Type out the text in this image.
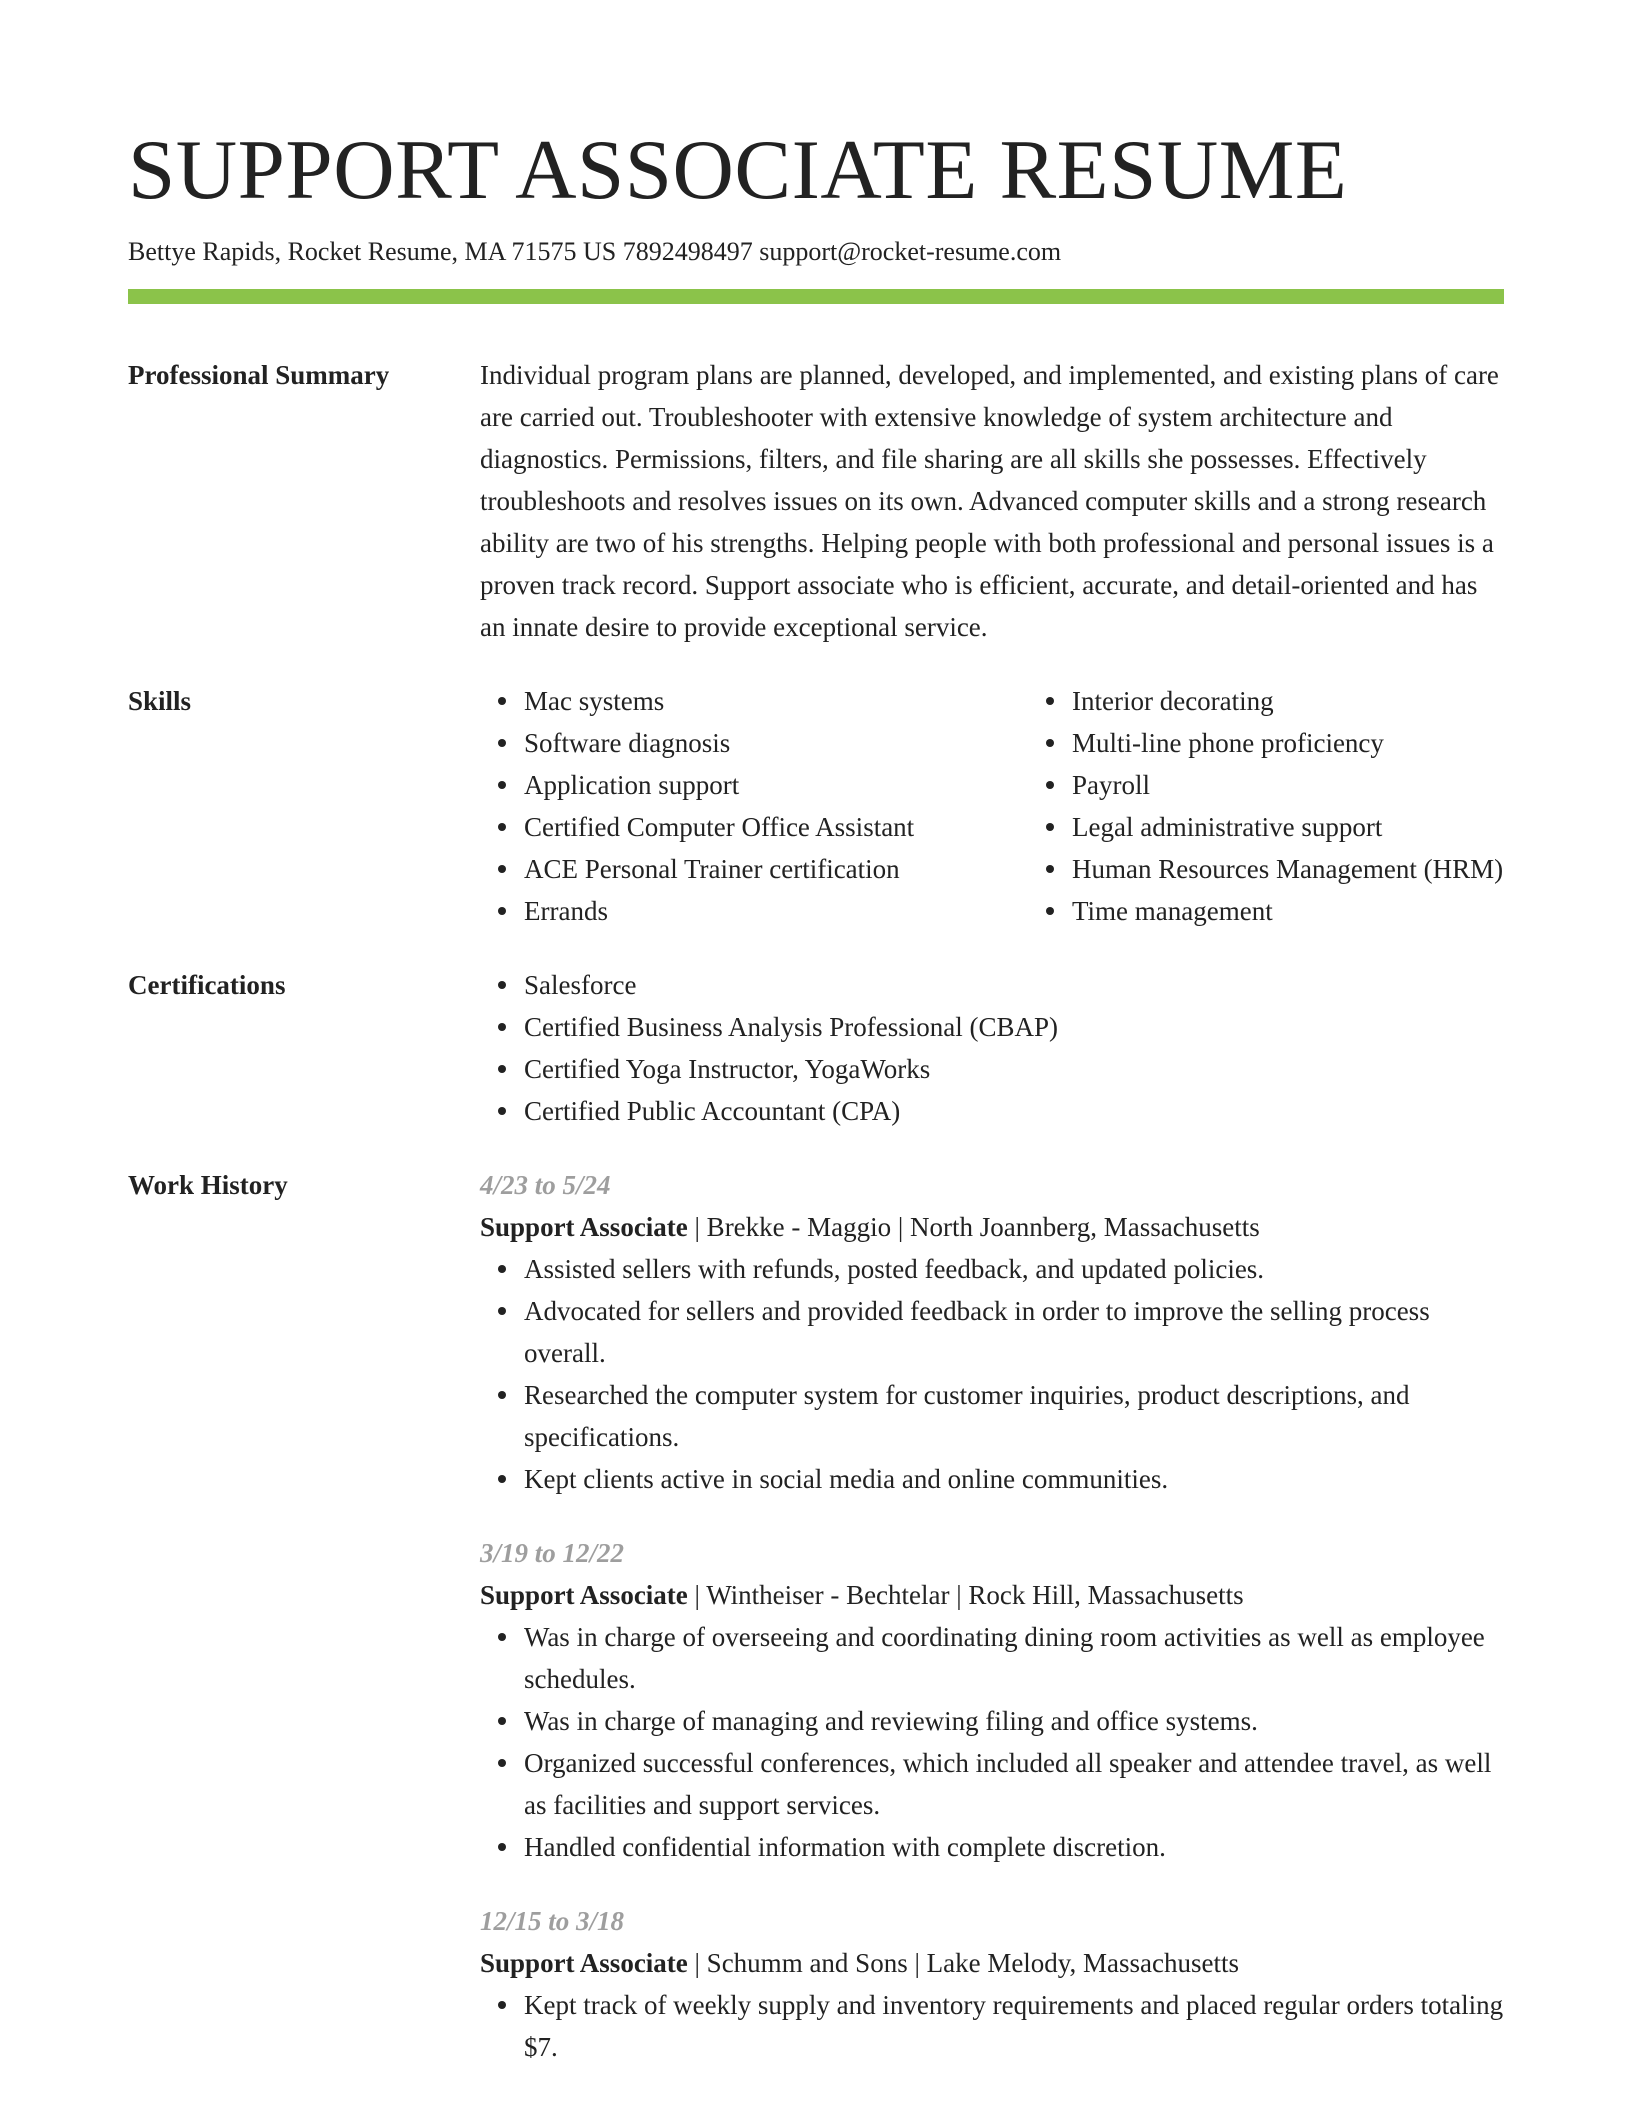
SUPPORT ASSOCIATE RESUME
Bettye Rapids, Rocket Resume, MA 71575 US 7892498497 support@rocket-resume.com
Professional Summary	Individual program plans are planned, developed, and implemented, and existing plans of care are carried out. Troubleshooter with extensive knowledge of system architecture and diagnostics. Permissions, filters, and file sharing are all skills she possesses. Effectively troubleshoots and resolves issues on its own. Advanced computer skills and a strong research ability are two of his strengths. Helping people with both professional and personal issues is a proven track record. Support associate who is efficient, accurate, and detail-oriented and has an innate desire to provide exceptional service.
Skills	Mac systems
Software diagnosis
Application support
Certified Computer Office Assistant
ACE Personal Trainer certification
Errands
Interior decorating
Multi-line phone proficiency
Payroll
Legal administrative support
Human Resources Management (HRM)
Time management
Certifications	Salesforce
Certified Business Analysis Professional (CBAP)
Certified Yoga Instructor, YogaWorks
Certified Public Accountant (CPA)
Work History	4/23 to 5/24
Support Associate | Brekke - Maggio | North Joannberg, Massachusetts
Assisted sellers with refunds, posted feedback, and updated policies.
Advocated for sellers and provided feedback in order to improve the selling process overall.
Researched the computer system for customer inquiries, product descriptions, and specifications.
Kept clients active in social media and online communities.
3/19 to 12/22
Support Associate | Wintheiser - Bechtelar | Rock Hill, Massachusetts
Was in charge of overseeing and coordinating dining room activities as well as employee schedules.
Was in charge of managing and reviewing filing and office systems.
Organized successful conferences, which included all speaker and attendee travel, as well as facilities and support services.
Handled confidential information with complete discretion.
12/15 to 3/18
Support Associate | Schumm and Sons | Lake Melody, Massachusetts
Kept track of weekly supply and inventory requirements and placed regular orders totaling $7.
